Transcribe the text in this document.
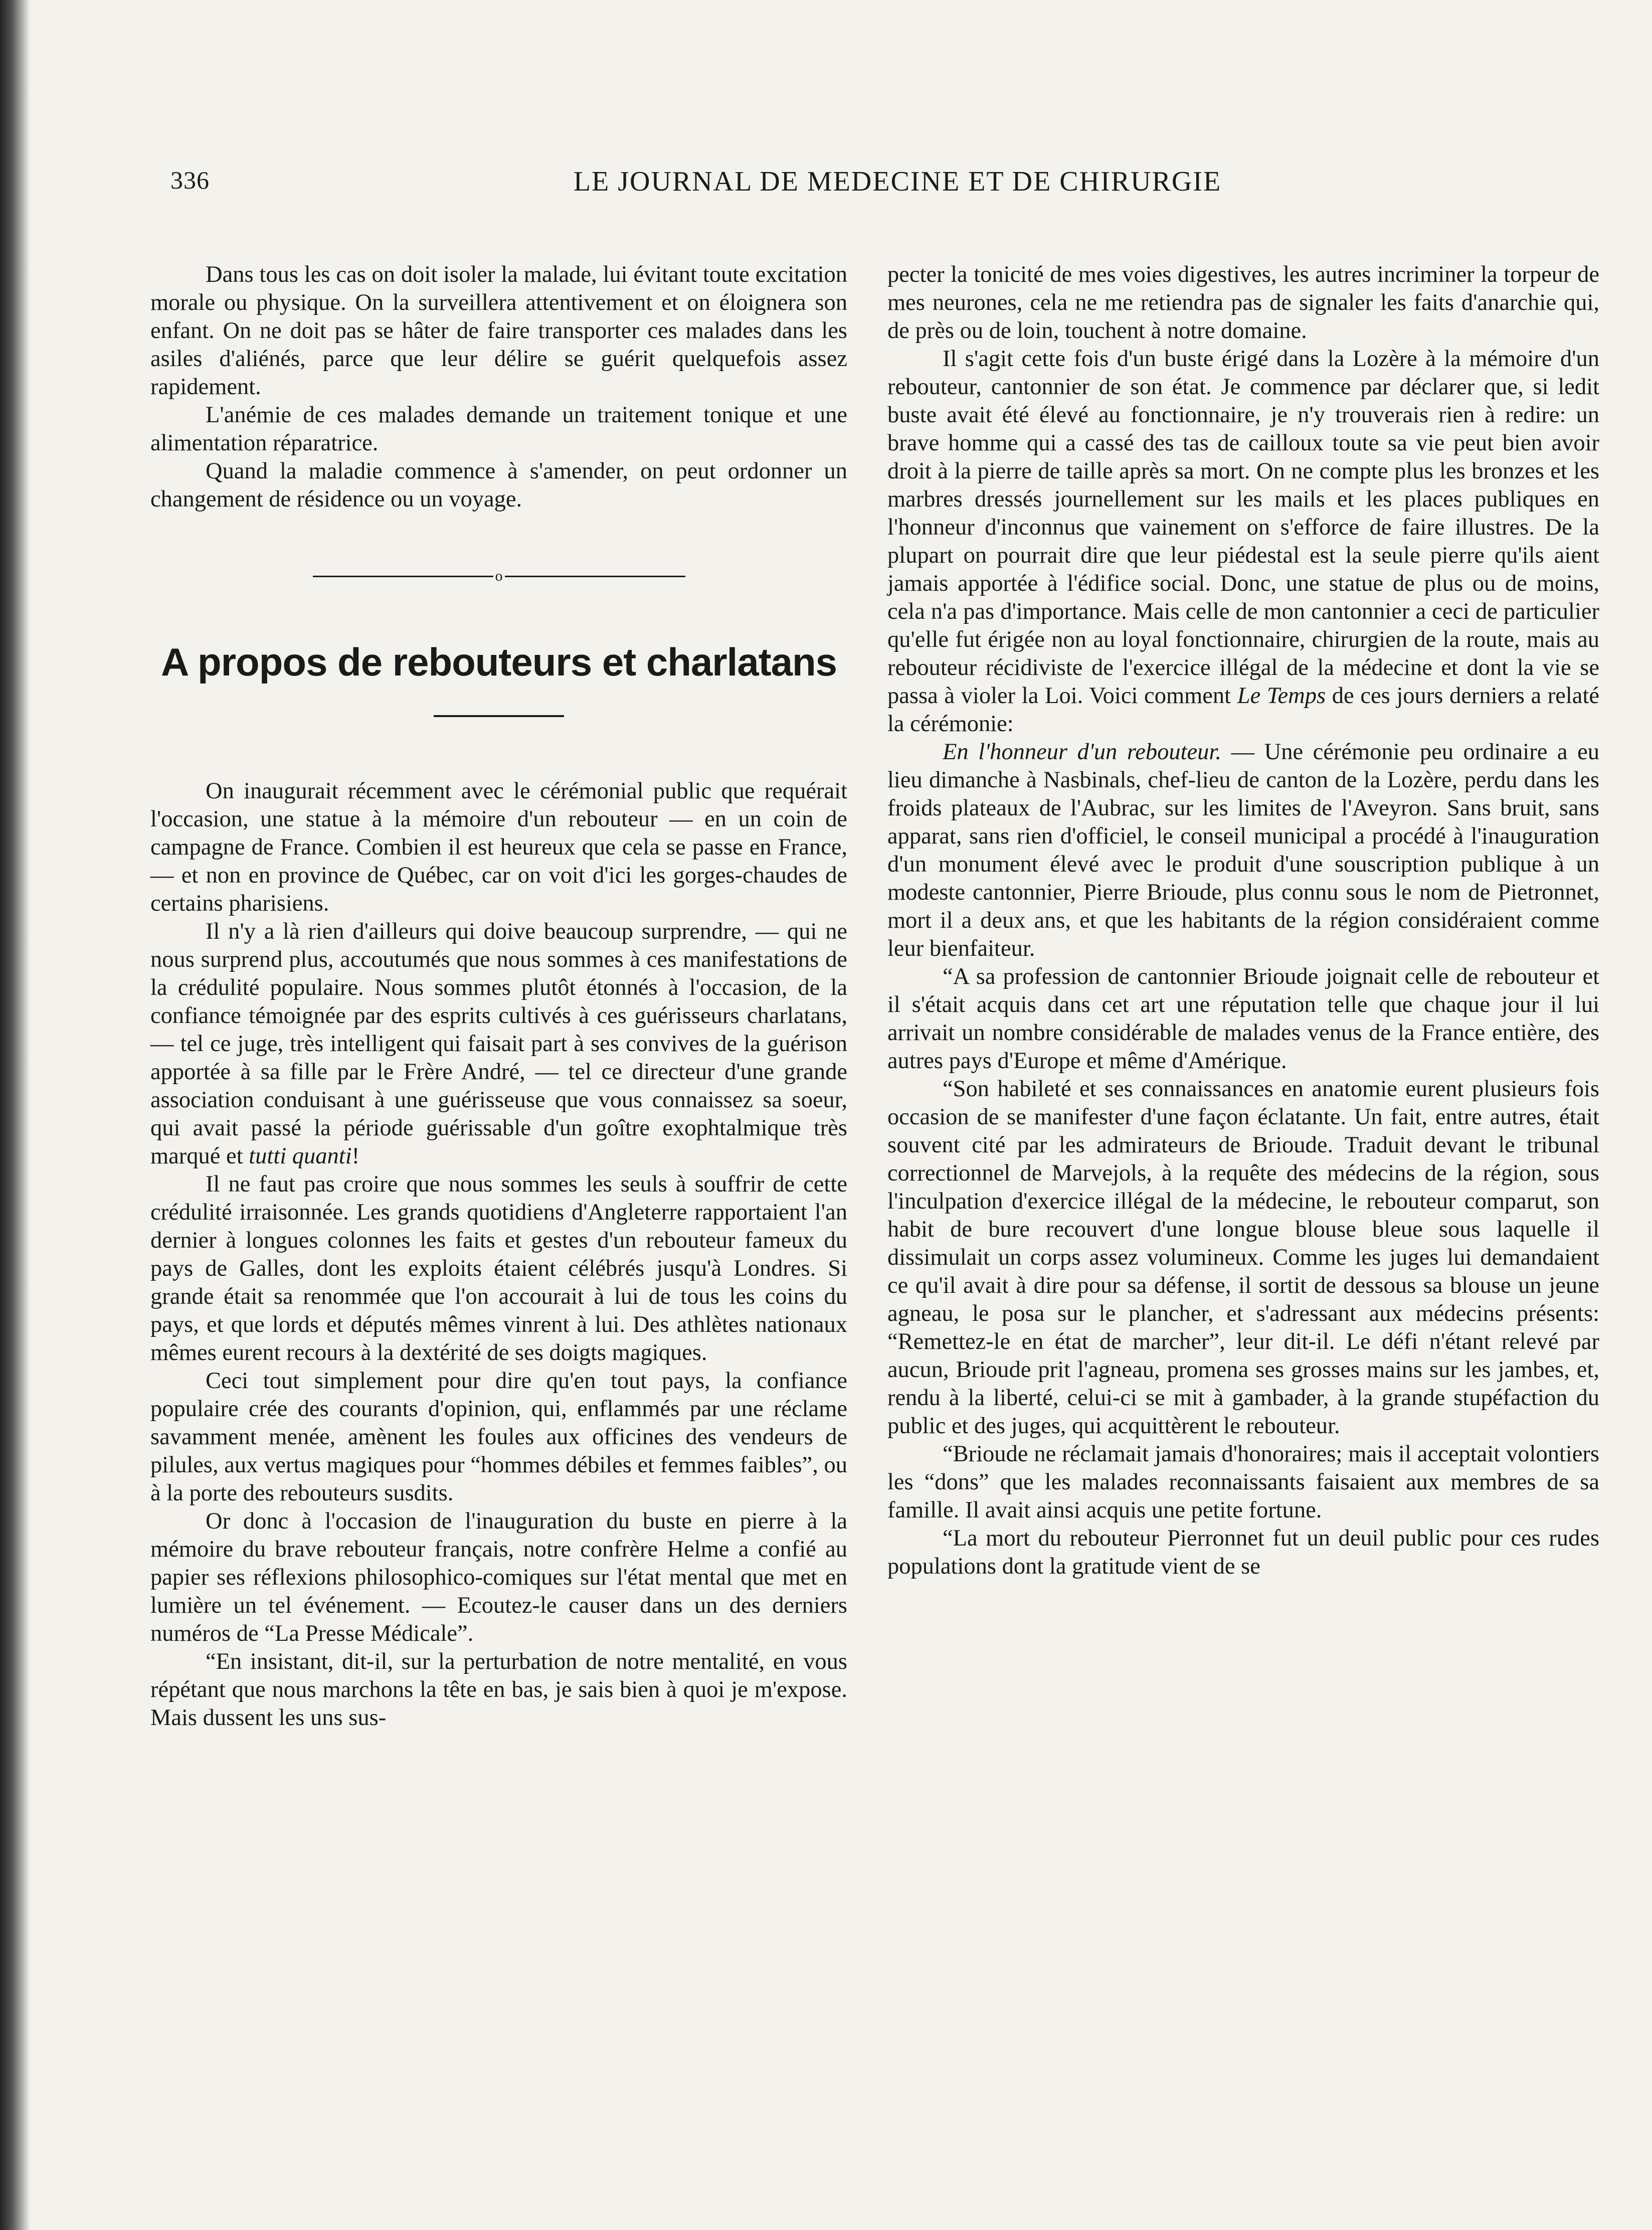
336	LE JOURNAL DE MEDECINE ET DE CHIRURGIE

Dans tous les cas on doit isoler la malade, lui évitant toute excitation morale ou physique. On la surveillera attentivement et on éloignera son enfant. On ne doit pas se hâter de faire transporter ces malades dans les asiles d'aliénés, parce que leur délire se guérit quelquefois assez rapidement.

L'anémie de ces malades demande un traitement tonique et une alimentation réparatrice.

Quand la maladie commence à s'amender, on peut ordonner un changement de résidence ou un voyage.

o
A propos de rebouteurs et charlatans

On inaugurait récemment avec le cérémonial public que requérait l'occasion, une statue à la mémoire d'un rebouteur — en un coin de campagne de France. Combien il est heureux que cela se passe en France, — et non en province de Québec, car on voit d'ici les gorges-chaudes de certains pharisiens.

Il n'y a là rien d'ailleurs qui doive beaucoup surprendre, — qui ne nous surprend plus, accoutumés que nous sommes à ces manifestations de la crédulité populaire. Nous sommes plutôt étonnés à l'occasion, de la confiance témoignée par des esprits cultivés à ces guérisseurs charlatans, — tel ce juge, très intelligent qui faisait part à ses convives de la guérison apportée à sa fille par le Frère André, — tel ce directeur d'une grande association conduisant à une guérisseuse que vous connaissez sa soeur, qui avait passé la période guérissable d'un goître exophtalmique très marqué et tutti quanti!

Il ne faut pas croire que nous sommes les seuls à souffrir de cette crédulité irraisonnée. Les grands quotidiens d'Angleterre rapportaient l'an dernier à longues colonnes les faits et gestes d'un rebouteur fameux du pays de Galles, dont les exploits étaient célébrés jusqu'à Londres. Si grande était sa renommée que l'on accourait à lui de tous les coins du pays, et que lords et députés mêmes vinrent à lui. Des athlètes nationaux mêmes eurent recours à la dextérité de ses doigts magiques.

Ceci tout simplement pour dire qu'en tout pays, la confiance populaire crée des courants d'opinion, qui, enflammés par une réclame savamment menée, amènent les foules aux officines des vendeurs de pilules, aux vertus magiques pour “hommes débiles et femmes faibles”, ou à la porte des rebouteurs susdits.

Or donc à l'occasion de l'inauguration du buste en pierre à la mémoire du brave rebouteur français, notre confrère Helme a confié au papier ses réflexions philosophico-comiques sur l'état mental que met en lumière un tel événement. — Ecoutez-le causer dans un des derniers numéros de “La Presse Médicale”.

“En insistant, dit-il, sur la perturbation de notre mentalité, en vous répétant que nous marchons la tête en bas, je sais bien à quoi je m'expose. Mais dussent les uns sus-

pecter la tonicité de mes voies digestives, les autres incriminer la torpeur de mes neurones, cela ne me retiendra pas de signaler les faits d'anarchie qui, de près ou de loin, touchent à notre domaine.

Il s'agit cette fois d'un buste érigé dans la Lozère à la mémoire d'un rebouteur, cantonnier de son état. Je commence par déclarer que, si ledit buste avait été élevé au fonctionnaire, je n'y trouverais rien à redire: un brave homme qui a cassé des tas de cailloux toute sa vie peut bien avoir droit à la pierre de taille après sa mort. On ne compte plus les bronzes et les marbres dressés journellement sur les mails et les places publiques en l'honneur d'inconnus que vainement on s'efforce de faire illustres. De la plupart on pourrait dire que leur piédestal est la seule pierre qu'ils aient jamais apportée à l'édifice social. Donc, une statue de plus ou de moins, cela n'a pas d'importance. Mais celle de mon cantonnier a ceci de particulier qu'elle fut érigée non au loyal fonctionnaire, chirurgien de la route, mais au rebouteur récidiviste de l'exercice illégal de la médecine et dont la vie se passa à violer la Loi. Voici comment Le Temps de ces jours derniers a relaté la cérémonie:

En l'honneur d'un rebouteur. — Une cérémonie peu ordinaire a eu lieu dimanche à Nasbinals, chef-lieu de canton de la Lozère, perdu dans les froids plateaux de l'Aubrac, sur les limites de l'Aveyron. Sans bruit, sans apparat, sans rien d'officiel, le conseil municipal a procédé à l'inauguration d'un monument élevé avec le produit d'une souscription publique à un modeste cantonnier, Pierre Brioude, plus connu sous le nom de Pietronnet, mort il a deux ans, et que les habitants de la région considéraient comme leur bienfaiteur.

“A sa profession de cantonnier Brioude joignait celle de rebouteur et il s'était acquis dans cet art une réputation telle que chaque jour il lui arrivait un nombre considérable de malades venus de la France entière, des autres pays d'Europe et même d'Amérique.

“Son habileté et ses connaissances en anatomie eurent plusieurs fois occasion de se manifester d'une façon éclatante. Un fait, entre autres, était souvent cité par les admirateurs de Brioude. Traduit devant le tribunal correctionnel de Marvejols, à la requête des médecins de la région, sous l'inculpation d'exercice illégal de la médecine, le rebouteur comparut, son habit de bure recouvert d'une longue blouse bleue sous laquelle il dissimulait un corps assez volumineux. Comme les juges lui demandaient ce qu'il avait à dire pour sa défense, il sortit de dessous sa blouse un jeune agneau, le posa sur le plancher, et s'adressant aux médecins présents: “Remettez-le en état de marcher”, leur dit-il. Le défi n'étant relevé par aucun, Brioude prit l'agneau, promena ses grosses mains sur les jambes, et, rendu à la liberté, celui-ci se mit à gambader, à la grande stupéfaction du public et des juges, qui acquittèrent le rebouteur.

“Brioude ne réclamait jamais d'honoraires; mais il acceptait volontiers les “dons” que les malades reconnaissants faisaient aux membres de sa famille. Il avait ainsi acquis une petite fortune.

“La mort du rebouteur Pierronnet fut un deuil public pour ces rudes populations dont la gratitude vient de se
